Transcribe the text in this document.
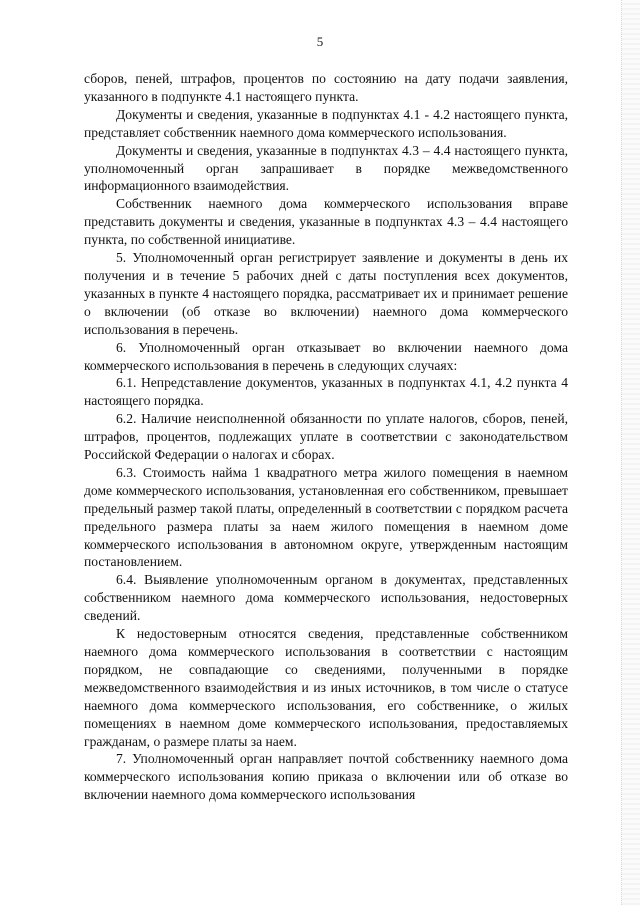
5

сборов, пеней, штрафов, процентов по состоянию на дату подачи заявления, указанного в подпункте 4.1 настоящего пункта.

Документы и сведения, указанные в подпунктах 4.1 - 4.2 настоящего пункта, представляет собственник наемного дома коммерческого использования.

Документы и сведения, указанные в подпунктах 4.3 – 4.4 настоящего пункта, уполномоченный орган запрашивает в порядке межведомственного информационного взаимодействия.

Собственник наемного дома коммерческого использования вправе представить документы и сведения, указанные в подпунктах 4.3 – 4.4 настоящего пункта, по собственной инициативе.

5. Уполномоченный орган регистрирует заявление и документы в день их получения и в течение 5 рабочих дней с даты поступления всех документов, указанных в пункте 4 настоящего порядка, рассматривает их и принимает решение о включении (об отказе во включении) наемного дома коммерческого использования в перечень.

6. Уполномоченный орган отказывает во включении наемного дома коммерческого использования в перечень в следующих случаях:

6.1. Непредставление документов, указанных в подпунктах 4.1, 4.2 пункта 4 настоящего порядка.

6.2. Наличие неисполненной обязанности по уплате налогов, сборов, пеней, штрафов, процентов, подлежащих уплате в соответствии с законодательством Российской Федерации о налогах и сборах.

6.3. Стоимость найма 1 квадратного метра жилого помещения в наемном доме коммерческого использования, установленная его собственником, превышает предельный размер такой платы, определенный в соответствии с порядком расчета предельного размера платы за наем жилого помещения в наемном доме коммерческого использования в автономном округе, утвержденным настоящим постановлением.

6.4. Выявление уполномоченным органом в документах, представленных собственником наемного дома коммерческого использования, недостоверных сведений.

К недостоверным относятся сведения, представленные собственником наемного дома коммерческого использования в соответствии с настоящим порядком, не совпадающие со сведениями, полученными в порядке межведомственного взаимодействия и из иных источников, в том числе о статусе наемного дома коммерческого использования, его собственнике, о жилых помещениях в наемном доме коммерческого использования, предоставляемых гражданам, о размере платы за наем.

7. Уполномоченный орган направляет почтой собственнику наемного дома коммерческого использования копию приказа о включении или об отказе во включении наемного дома коммерческого использования
